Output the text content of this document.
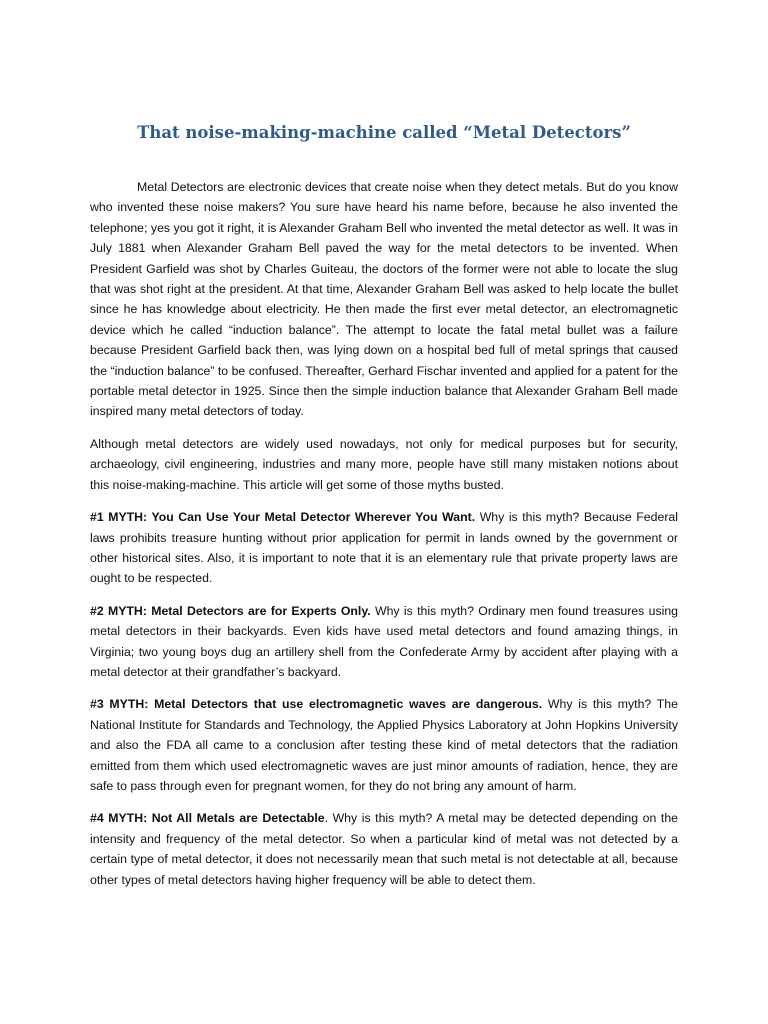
That noise-making-machine called “Metal Detectors”

Metal Detectors are electronic devices that create noise when they detect metals. But do you know who invented these noise makers? You sure have heard his name before, because he also invented the telephone; yes you got it right, it is Alexander Graham Bell who invented the metal detector as well. It was in July 1881 when Alexander Graham Bell paved the way for the metal detectors to be invented. When President Garfield was shot by Charles Guiteau, the doctors of the former were not able to locate the slug that was shot right at the president. At that time, Alexander Graham Bell was asked to help locate the bullet since he has knowledge about electricity. He then made the first ever metal detector, an electromagnetic device which he called “induction balance”. The attempt to locate the fatal metal bullet was a failure because President Garfield back then, was lying down on a hospital bed full of metal springs that caused the “induction balance” to be confused. Thereafter, Gerhard Fischar invented and applied for a patent for the portable metal detector in 1925. Since then the simple induction balance that Alexander Graham Bell made inspired many metal detectors of today.

Although metal detectors are widely used nowadays, not only for medical purposes but for security, archaeology, civil engineering, industries and many more, people have still many mistaken notions about this noise-making-machine. This article will get some of those myths busted.

#1 MYTH: You Can Use Your Metal Detector Wherever You Want. Why is this myth? Because Federal laws prohibits treasure hunting without prior application for permit in lands owned by the government or other historical sites. Also, it is important to note that it is an elementary rule that private property laws are ought to be respected.

#2 MYTH: Metal Detectors are for Experts Only. Why is this myth? Ordinary men found treasures using metal detectors in their backyards. Even kids have used metal detectors and found amazing things, in Virginia; two young boys dug an artillery shell from the Confederate Army by accident after playing with a metal detector at their grandfather’s backyard.

#3 MYTH: Metal Detectors that use electromagnetic waves are dangerous. Why is this myth? The National Institute for Standards and Technology, the Applied Physics Laboratory at John Hopkins University and also the FDA all came to a conclusion after testing these kind of metal detectors that the radiation emitted from them which used electromagnetic waves are just minor amounts of radiation, hence, they are safe to pass through even for pregnant women, for they do not bring any amount of harm.

#4 MYTH: Not All Metals are Detectable. Why is this myth? A metal may be detected depending on the intensity and frequency of the metal detector. So when a particular kind of metal was not detected by a certain type of metal detector, it does not necessarily mean that such metal is not detectable at all, because other types of metal detectors having higher frequency will be able to detect them.
